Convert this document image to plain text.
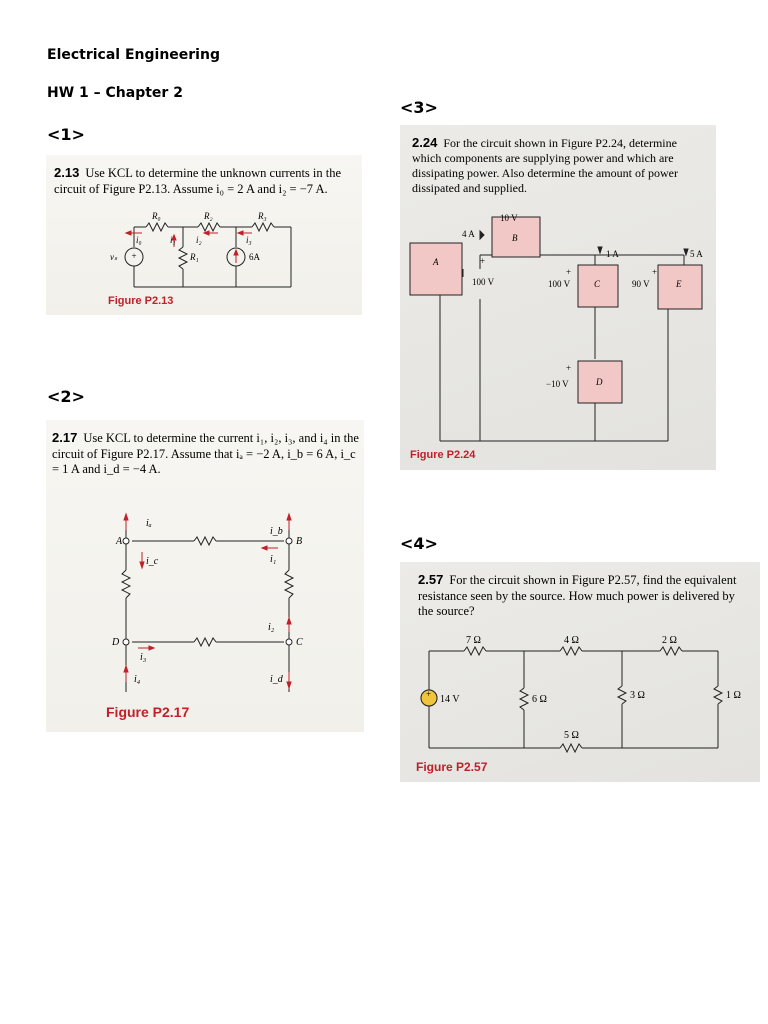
Electrical Engineering

HW 1 – Chapter 2

<1>

<2>

<3>

<4>

2.13 Use KCL to determine the unknown currents in the circuit of Figure P2.13. Assume i₀ = 2 A and i₂ = −7 A.

+
R₀	R₂	R₃
i₀	i₁ i₂	i₃
vₛ	R₁	6A

Figure P2.13

2.17 Use KCL to determine the current i₁, i₂, i₃, and i₄ in the circuit of Figure P2.17. Assume that iₐ = −2 A, i_b = 6 A, i_c = 1 A and i_d = −4 A.

iₐ
i_c
i_b
i₁
i₂
i₃
i₄	i_d
A	B
C
D

Figure P2.17

2.24 For the circuit shown in Figure P2.24, determine which components are supplying power and which are dissipating power. Also determine the amount of power dissipated and supplied.

10 V
4 A
A
B
C
D
E
100 V	100 V	90 V
1 A	5 A
−10 V
+
+	+
+

Figure P2.24

2.57 For the circuit shown in Figure P2.57, find the equivalent resistance seen by the source. How much power is delivered by the source?

+
7 Ω	4 Ω	2 Ω
14 V	6 Ω	3 Ω	1 Ω
5 Ω

Figure P2.57
